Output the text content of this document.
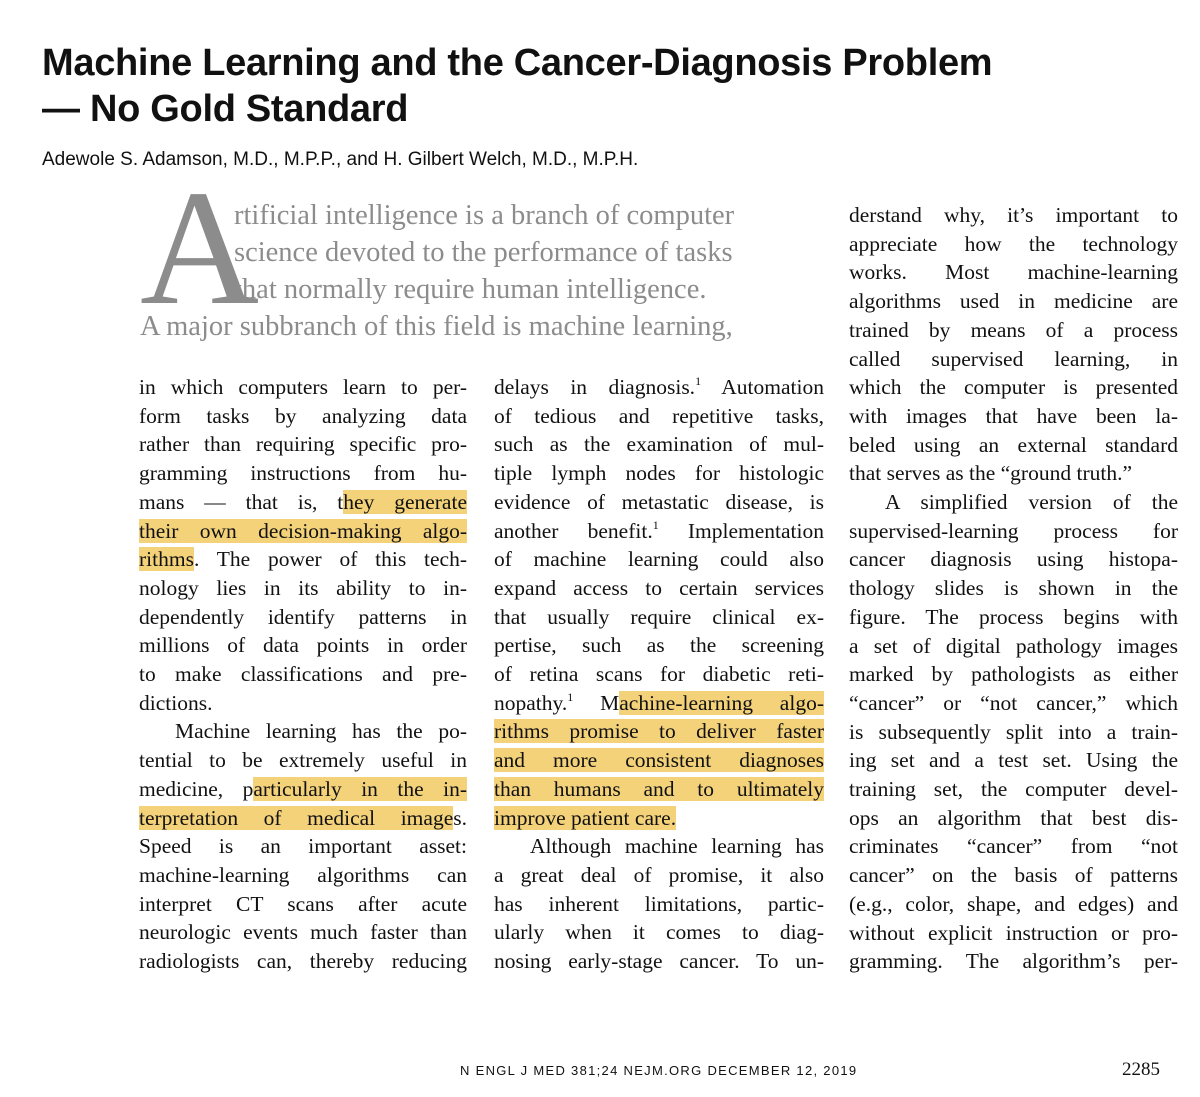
Machine Learning and the Cancer-Diagnosis Problem
— No Gold Standard
Adewole S. Adamson, M.D., M.P.P., and H. Gilbert Welch, M.D., M.P.H.
A
rtificial intelligence is a branch of computer
science devoted to the performance of tasks
that normally require human intelligence.
A major subbranch of this field is machine learning,
in which computers learn to per-
form tasks by analyzing data
rather than requiring specific pro-
gramming instructions from hu-
mans — that is, they generate
their own decision-making algo-
rithms. The power of this tech-
nology lies in its ability to in-
dependently identify patterns in
millions of data points in order
to make classifications and pre-
dictions.
Machine learning has the po-
tential to be extremely useful in
medicine, particularly in the in-
terpretation of medical images.
Speed is an important asset:
machine-learning algorithms can
interpret CT scans after acute
neurologic events much faster than
radiologists can, thereby reducing
delays in diagnosis.$^1$ Automation
of tedious and repetitive tasks,
such as the examination of mul-
tiple lymph nodes for histologic
evidence of metastatic disease, is
another benefit.$^1$ Implementation
of machine learning could also
expand access to certain services
that usually require clinical ex-
pertise, such as the screening
of retina scans for diabetic reti-
nopathy.$^1$ Machine-learning algo-
rithms promise to deliver faster
and more consistent diagnoses
than humans and to ultimately
improve patient care.
Although machine learning has
a great deal of promise, it also
has inherent limitations, partic-
ularly when it comes to diag-
nosing early-stage cancer. To un-
derstand why, it’s important to
appreciate how the technology
works. Most machine-learning
algorithms used in medicine are
trained by means of a process
called supervised learning, in
which the computer is presented
with images that have been la-
beled using an external standard
that serves as the “ground truth.”
A simplified version of the
supervised-learning process for
cancer diagnosis using histopa-
thology slides is shown in the
figure. The process begins with
a set of digital pathology images
marked by pathologists as either
“cancer” or “not cancer,” which
is subsequently split into a train-
ing set and a test set. Using the
training set, the computer devel-
ops an algorithm that best dis-
criminates “cancer” from “not
cancer” on the basis of patterns
(e.g., color, shape, and edges) and
without explicit instruction or pro-
gramming. The algorithm’s per-
N ENGL J MED 381;24 NEJM.ORG DECEMBER 12, 2019	2285
